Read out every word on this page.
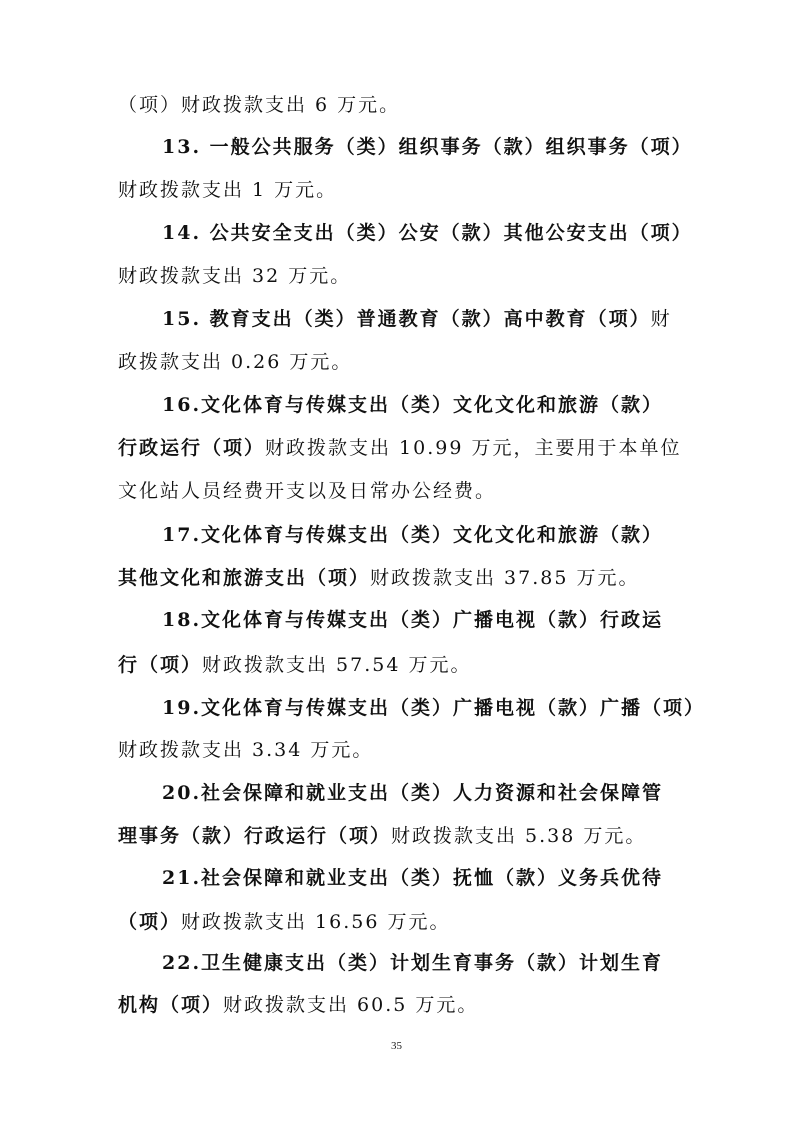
（项）财政拨款支出 6 万元。
13. 一般公共服务（类）组织事务（款）组织事务（项）
财政拨款支出 1 万元。
14. 公共安全支出（类）公安（款）其他公安支出（项）
财政拨款支出 32 万元。
15. 教育支出（类）普通教育（款）高中教育（项）财
政拨款支出 0.26 万元。
16.文化体育与传媒支出（类）文化文化和旅游（款）
行政运行（项）财政拨款支出 10.99 万元，主要用于本单位
文化站人员经费开支以及日常办公经费。
17.文化体育与传媒支出（类）文化文化和旅游（款）
其他文化和旅游支出（项）财政拨款支出 37.85 万元。
18.文化体育与传媒支出（类）广播电视（款）行政运
行（项）财政拨款支出 57.54 万元。
19.文化体育与传媒支出（类）广播电视（款）广播（项）
财政拨款支出 3.34 万元。
20.社会保障和就业支出（类）人力资源和社会保障管
理事务（款）行政运行（项）财政拨款支出 5.38 万元。
21.社会保障和就业支出（类）抚恤（款）义务兵优待
（项）财政拨款支出 16.56 万元。
22.卫生健康支出（类）计划生育事务（款）计划生育
机构（项）财政拨款支出 60.5 万元。
35
